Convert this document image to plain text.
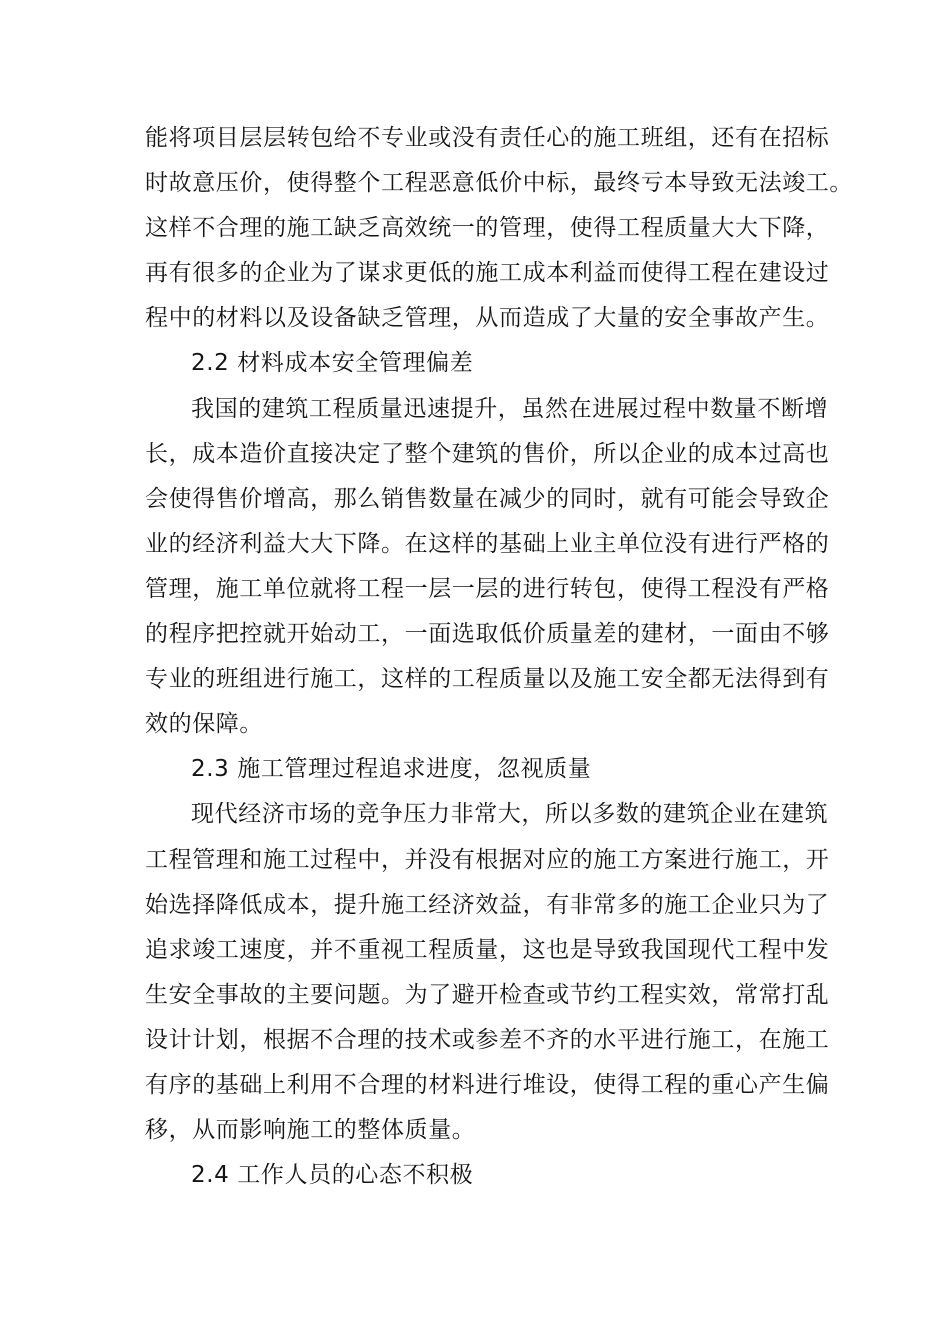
能将项目层层转包给不专业或没有责任心的施工班组，还有在招标
时故意压价，使得整个工程恶意低价中标，最终亏本导致无法竣工。
这样不合理的施工缺乏高效统一的管理，使得工程质量大大下降，
再有很多的企业为了谋求更低的施工成本利益而使得工程在建设过
程中的材料以及设备缺乏管理，从而造成了大量的安全事故产生。
2.2 材料成本安全管理偏差
我国的建筑工程质量迅速提升，虽然在进展过程中数量不断增
长，成本造价直接决定了整个建筑的售价，所以企业的成本过高也
会使得售价增高，那么销售数量在减少的同时，就有可能会导致企
业的经济利益大大下降。在这样的基础上业主单位没有进行严格的
管理，施工单位就将工程一层一层的进行转包，使得工程没有严格
的程序把控就开始动工，一面选取低价质量差的建材，一面由不够
专业的班组进行施工，这样的工程质量以及施工安全都无法得到有
效的保障。
2.3 施工管理过程追求进度，忽视质量
现代经济市场的竞争压力非常大，所以多数的建筑企业在建筑
工程管理和施工过程中，并没有根据对应的施工方案进行施工，开
始选择降低成本，提升施工经济效益，有非常多的施工企业只为了
追求竣工速度，并不重视工程质量，这也是导致我国现代工程中发
生安全事故的主要问题。为了避开检查或节约工程实效，常常打乱
设计计划，根据不合理的技术或参差不齐的水平进行施工，在施工
有序的基础上利用不合理的材料进行堆设，使得工程的重心产生偏
移，从而影响施工的整体质量。
2.4 工作人员的心态不积极
